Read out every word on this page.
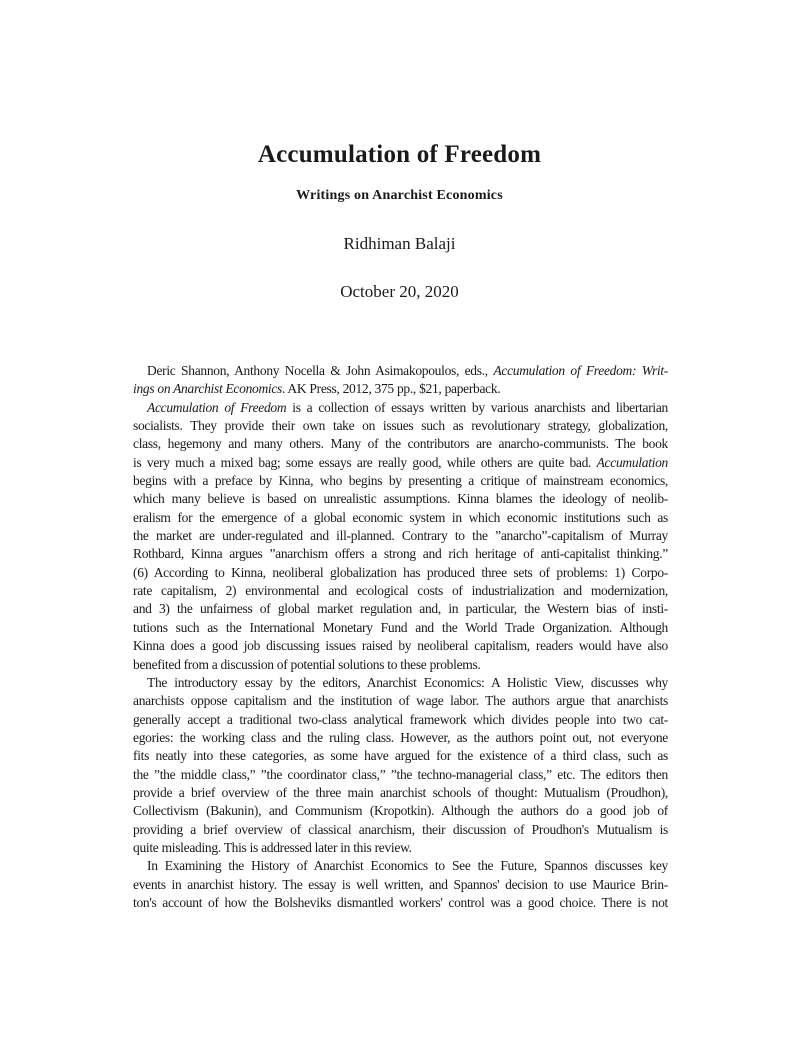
Accumulation of Freedom
Writings on Anarchist Economics
Ridhiman Balaji
October 20, 2020
Deric Shannon, Anthony Nocella & John Asimakopoulos, eds., Accumulation of Freedom: Writ-
ings on Anarchist Economics. AK Press, 2012, 375 pp., $21, paperback.
Accumulation of Freedom is a collection of essays written by various anarchists and libertarian
socialists. They provide their own take on issues such as revolutionary strategy, globalization,
class, hegemony and many others. Many of the contributors are anarcho-communists. The book
is very much a mixed bag; some essays are really good, while others are quite bad. Accumulation
begins with a preface by Kinna, who begins by presenting a critique of mainstream economics,
which many believe is based on unrealistic assumptions. Kinna blames the ideology of neolib-
eralism for the emergence of a global economic system in which economic institutions such as
the market are under-regulated and ill-planned. Contrary to the ”anarcho”-capitalism of Murray
Rothbard, Kinna argues ”anarchism offers a strong and rich heritage of anti-capitalist thinking.”
(6) According to Kinna, neoliberal globalization has produced three sets of problems: 1) Corpo-
rate capitalism, 2) environmental and ecological costs of industrialization and modernization,
and 3) the unfairness of global market regulation and, in particular, the Western bias of insti-
tutions such as the International Monetary Fund and the World Trade Organization. Although
Kinna does a good job discussing issues raised by neoliberal capitalism, readers would have also
benefited from a discussion of potential solutions to these problems.
The introductory essay by the editors, Anarchist Economics: A Holistic View, discusses why
anarchists oppose capitalism and the institution of wage labor. The authors argue that anarchists
generally accept a traditional two-class analytical framework which divides people into two cat-
egories: the working class and the ruling class. However, as the authors point out, not everyone
fits neatly into these categories, as some have argued for the existence of a third class, such as
the ”the middle class,” ”the coordinator class,” ”the techno-managerial class,” etc. The editors then
provide a brief overview of the three main anarchist schools of thought: Mutualism (Proudhon),
Collectivism (Bakunin), and Communism (Kropotkin). Although the authors do a good job of
providing a brief overview of classical anarchism, their discussion of Proudhon's Mutualism is
quite misleading. This is addressed later in this review.
In Examining the History of Anarchist Economics to See the Future, Spannos discusses key
events in anarchist history. The essay is well written, and Spannos' decision to use Maurice Brin-
ton's account of how the Bolsheviks dismantled workers' control was a good choice. There is not
